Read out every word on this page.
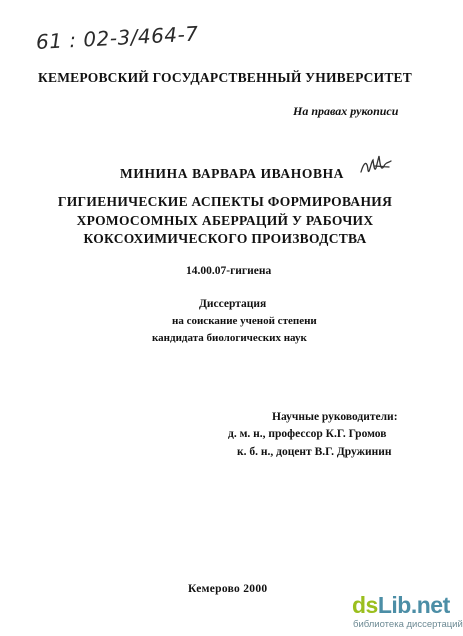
61 : 02-3/464-7
КЕМЕРОВСКИЙ ГОСУДАРСТВЕННЫЙ УНИВЕРСИТЕТ
На правах рукописи
МИНИНА ВАРВАРА ИВАНОВНА
ГИГИЕНИЧЕСКИЕ АСПЕКТЫ ФОРМИРОВАНИЯ
ХРОМОСОМНЫХ АБЕРРАЦИЙ У РАБОЧИХ
КОКСОХИМИЧЕСКОГО ПРОИЗВОДСТВА
14.00.07-гигиена
Диссертация
на соискание ученой степени
кандидата биологических наук
Научные руководители:
д. м. н., профессор К.Г. Громов
к. б. н., доцент В.Г. Дружинин
Кемерово 2000
dsLib.net
библиотека диссертаций
